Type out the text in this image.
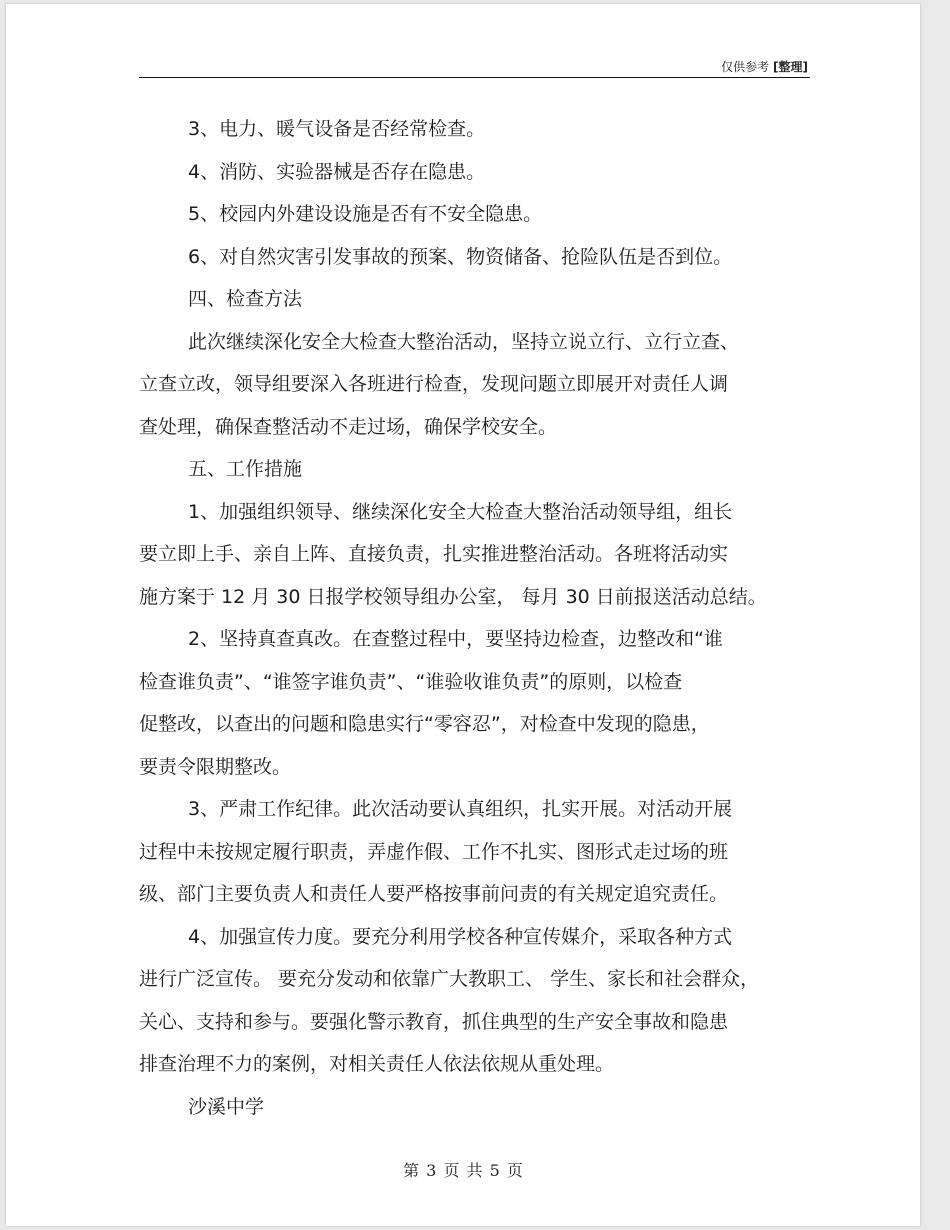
仅供参考 [整理]
3、电力、暖气设备是否经常检查。
4、消防、实验器械是否存在隐患。
5、校园内外建设设施是否有不安全隐患。
6、对自然灾害引发事故的预案、物资储备、抢险队伍是否到位。
四、检查方法
此次继续深化安全大检查大整治活动，坚持立说立行、立行立查、
立查立改，领导组要深入各班进行检查，发现问题立即展开对责任人调
查处理，确保查整活动不走过场，确保学校安全。
五、工作措施
1、加强组织领导、继续深化安全大检查大整治活动领导组，组长
要立即上手、亲自上阵、直接负责，扎实推进整治活动。各班将活动实
施方案于 12 月 30 日报学校领导组办公室， 每月 30 日前报送活动总结。
2、坚持真查真改。在查整过程中，要坚持边检查，边整改和“谁
检查谁负责”、“谁签字谁负责”、“谁验收谁负责”的原则，以检查
促整改，以查出的问题和隐患实行“零容忍”，对检查中发现的隐患，
要责令限期整改。
3、严肃工作纪律。此次活动要认真组织，扎实开展。对活动开展
过程中未按规定履行职责，弄虚作假、工作不扎实、图形式走过场的班
级、部门主要负责人和责任人要严格按事前问责的有关规定追究责任。
4、加强宣传力度。要充分利用学校各种宣传媒介，采取各种方式
进行广泛宣传。 要充分发动和依靠广大教职工、 学生、家长和社会群众，
关心、支持和参与。要强化警示教育，抓住典型的生产安全事故和隐患
排查治理不力的案例，对相关责任人依法依规从重处理。
沙溪中学
第 3 页 共 5 页
